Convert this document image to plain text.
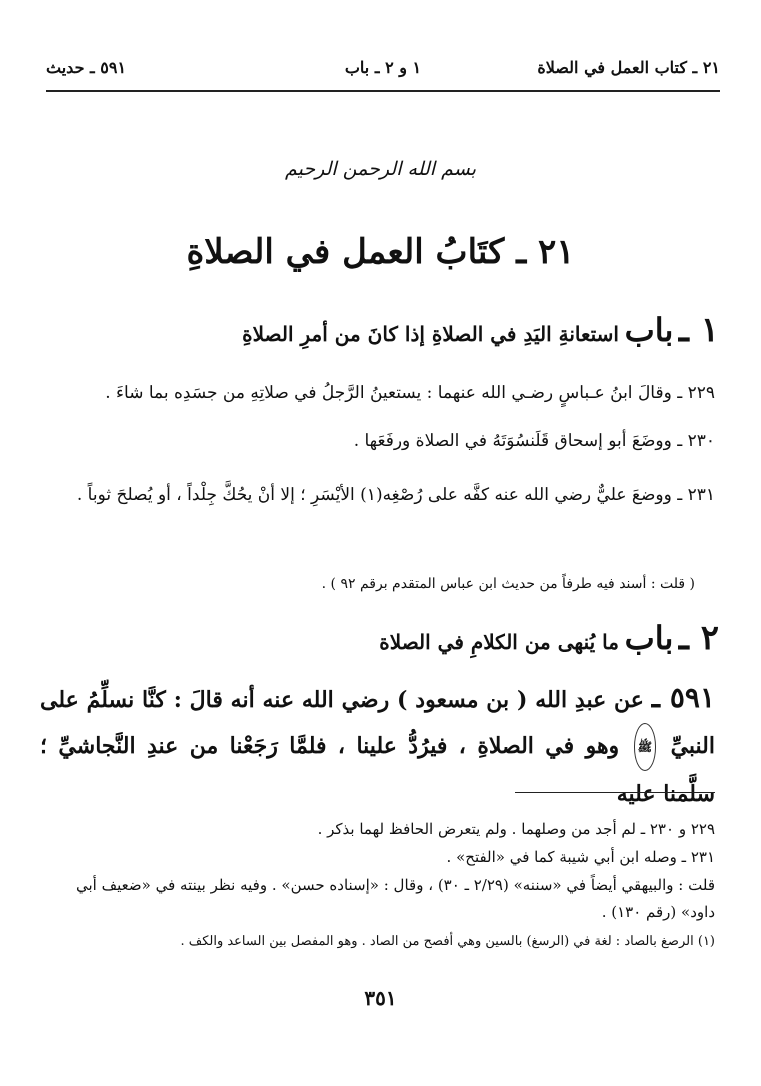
٢١ ـ كتاب العمل في الصلاة
١ و ٢ ـ باب
٥٩١ ـ حديث
بسم الله الرحمن الرحيم
٢١ ـ كتَابُ العمل في الصلاةِ
١ ـ باب استعانةِ اليَدِ في الصلاةِ إذا كانَ من أمرِ الصلاةِ
٢٢٩ ـ وقالَ ابنُ عـباسٍ رضـي الله عنهما : يستعينُ الرَّجلُ في صلاتِهِ من جسَدِه بما شاءَ .
٢٣٠ ـ ووضَعَ أبو إسحاق قَلَنسُوَتَهُ في الصلاة ورفَعَها .
٢٣١ ـ ووضعَ عليٌّ رضي الله عنه كفَّه على رُصْغِه(١) الأيْسَرِ ؛ إلا أنْ يحُكَّ جِلْداً ، أو يُصلحَ ثوباً .
( قلت : أسند فيه طرفاً من حديث ابن عباس المتقدم برقم ٩٢ ) .
٢ ـ باب ما يُنهى من الكلامِ في الصلاة
٥٩١ ـ عن عبدِ الله ( بن مسعود ) رضي الله عنه أنه قالَ : كنَّا نسلِّمُ على النبيِّ ﷺ وهو في الصلاةِ ، فيرُدُّ علينا ، فلمَّا رَجَعْنا من عندِ النَّجاشيِّ ؛ سلَّمنا عليه
٢٢٩ و ٢٣٠ ـ لم أجد من وصلهما . ولم يتعرض الحافظ لهما بذكر .
٢٣١ ـ وصله ابن أبي شيبة كما في «الفتح» .
قلت : والبيهقي أيضاً في «سننه» (٢/٢٩ ـ ٣٠) ، وقال : «إسناده حسن» . وفيه نظر بينته في «ضعيف أبي داود» (رقم ١٣٠) .
(١) الرصغ بالصاد : لغة في (الرسغ) بالسين وهي أفصح من الصاد . وهو المفصل بين الساعد والكف .
٣٥١
